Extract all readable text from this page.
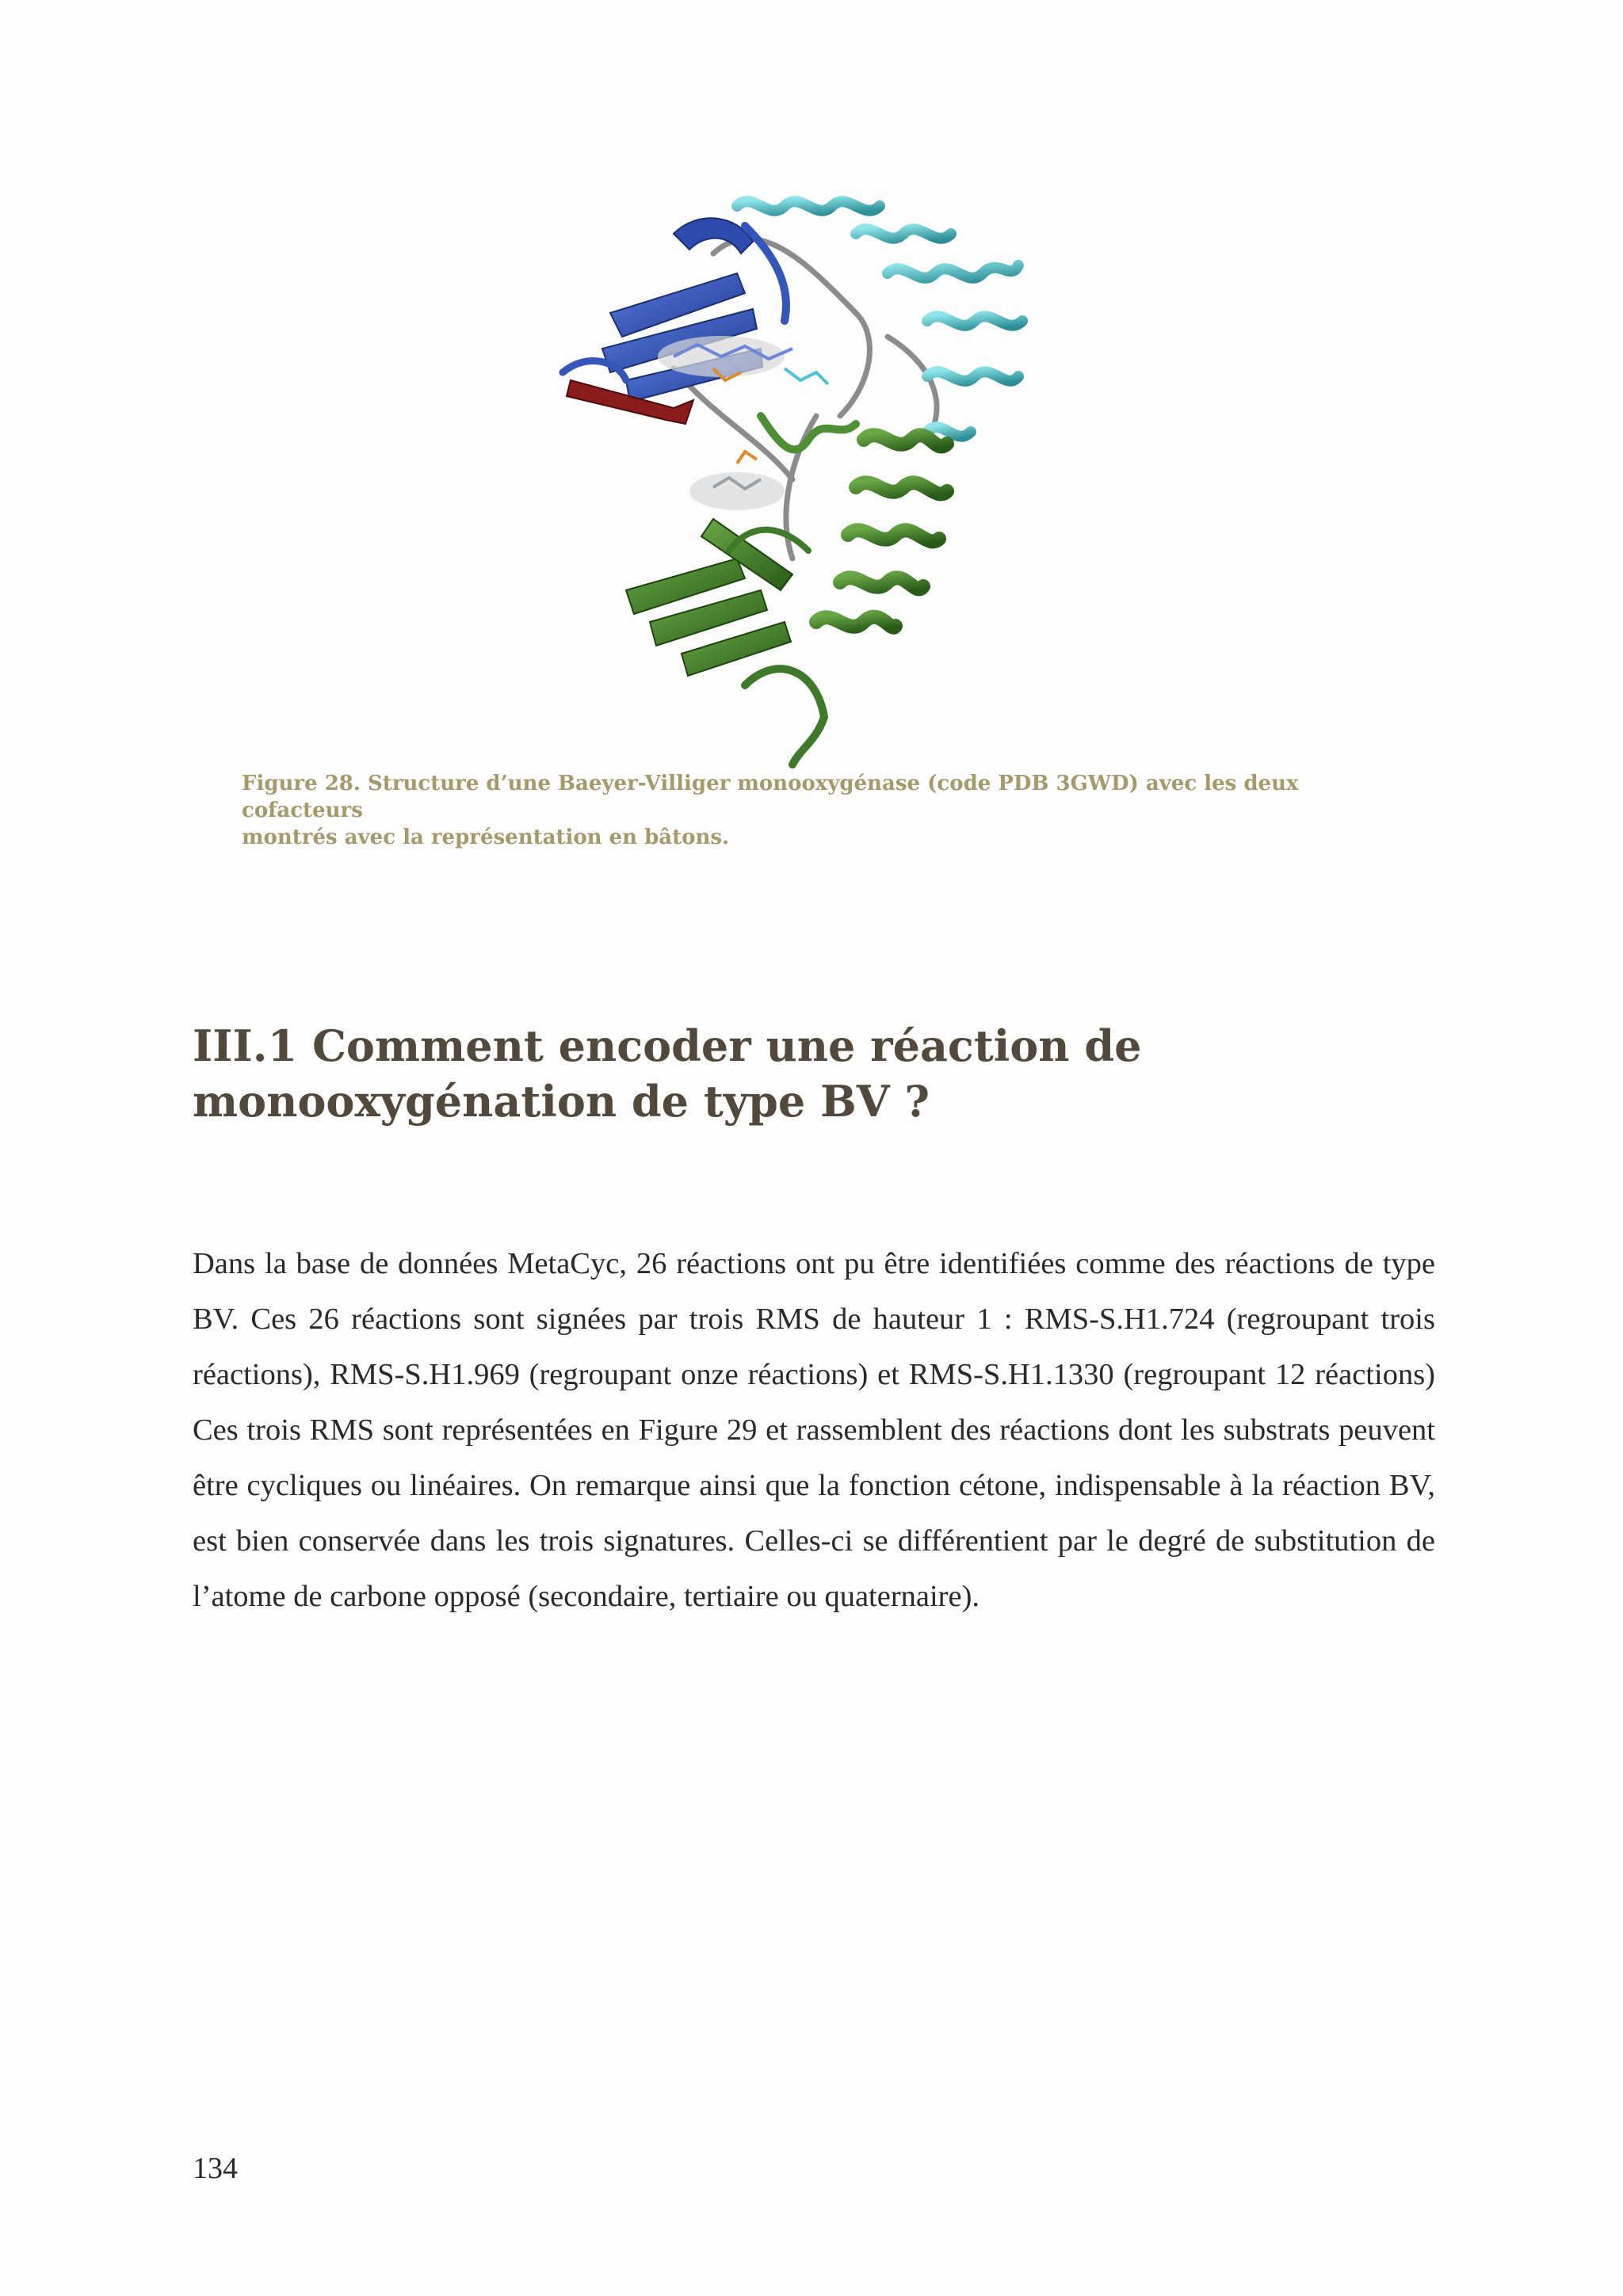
Figure 28. Structure d’une Baeyer-Villiger monooxygénase (code PDB 3GWD) avec les deux cofacteurs

montrés avec la représentation en bâtons.

III.1 Comment encoder une réaction de monooxygénation de type BV ?

Dans la base de données MetaCyc, 26 réactions ont pu être identifiées comme des réactions de type BV. Ces 26 réactions sont signées par trois RMS de hauteur 1 : RMS-S.H1.724 (regroupant trois réactions), RMS-S.H1.969 (regroupant onze réactions) et RMS-S.H1.1330 (regroupant 12 réactions) Ces trois RMS sont représentées en Figure 29 et rassemblent des réactions dont les substrats peuvent être cycliques ou linéaires. On remarque ainsi que la fonction cétone, indispensable à la réaction BV, est bien conservée dans les trois signatures. Celles-ci se différentient par le degré de substitution de l’atome de carbone opposé (secondaire, tertiaire ou quaternaire).

134
